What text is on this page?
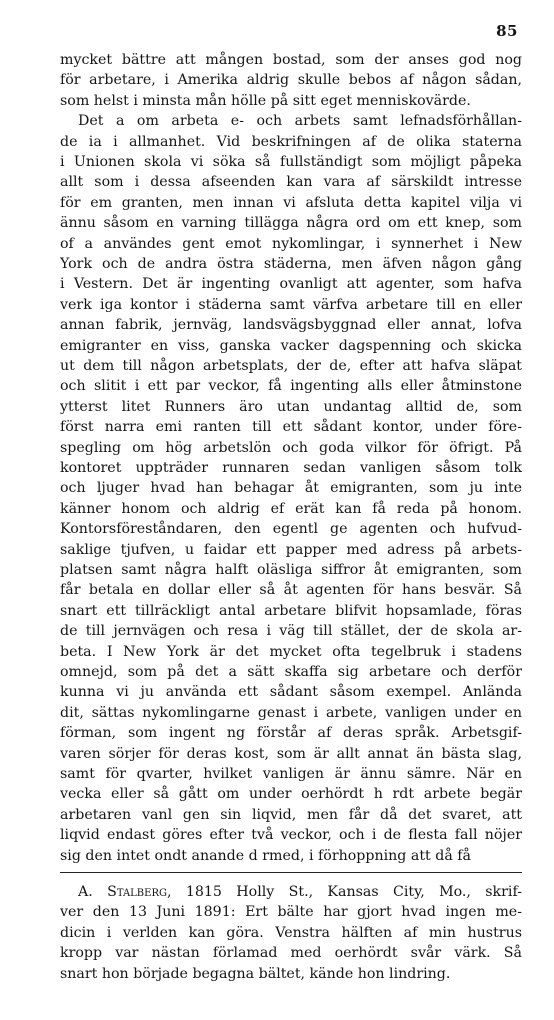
85
mycket bättre att mången bostad, som der anses god nog
för arbetare, i Amerika aldrig skulle bebos af någon sådan,
som helst i minsta mån hölle på sitt eget menniskovärde.
Det a om arbeta e- och arbets samt lefnadsförhållan-
de ia i allmanhet. Vid beskrifningen af de olika staterna
i Unionen skola vi söka så fullständigt som möjligt påpeka
allt som i dessa afseenden kan vara af särskildt intresse
för em granten, men innan vi afsluta detta kapitel vilja vi
ännu såsom en varning tillägga några ord om ett knep, som
of a användes gent emot nykomlingar, i synnerhet i New
York och de andra östra städerna, men äfven någon gång
i Vestern. Det är ingenting ovanligt att agenter, som hafva
verk iga kontor i städerna samt värfva arbetare till en eller
annan fabrik, jernväg, landsvägsbyggnad eller annat, lofva
emigranter en viss, ganska vacker dagspenning och skicka
ut dem till någon arbetsplats, der de, efter att hafva släpat
och slitit i ett par veckor, få ingenting alls eller åtminstone
ytterst litet Runners äro utan undantag alltid de, som
först narra emi ranten till ett sådant kontor, under före-
spegling om hög arbetslön och goda vilkor för öfrigt. På
kontoret uppträder runnaren sedan vanligen såsom tolk
och ljuger hvad han behagar åt emigranten, som ju inte
känner honom och aldrig ef erät kan få reda på honom.
Kontorsföreståndaren, den egentl ge agenten och hufvud-
saklige tjufven, u faidar ett papper med adress på arbets-
platsen samt några halft oläsliga siffror åt emigranten, som
får betala en dollar eller så åt agenten för hans besvär. Så
snart ett tillräckligt antal arbetare blifvit hopsamlade, föras
de till jernvägen och resa i väg till stället, der de skola ar-
beta. I New York är det mycket ofta tegelbruk i stadens
omnejd, som på det a sätt skaffa sig arbetare och derför
kunna vi ju använda ett sådant såsom exempel. Anlända
dit, sättas nykomlingarne genast i arbete, vanligen under en
förman, som ingent ng förstår af deras språk. Arbetsgif-
varen sörjer för deras kost, som är allt annat än bästa slag,
samt för qvarter, hvilket vanligen är ännu sämre. När en
vecka eller så gått om under oerhördt h rdt arbete begär
arbetaren vanl gen sin liqvid, men får då det svaret, att
liqvid endast göres efter två veckor, och i de flesta fall nöjer
sig den intet ondt anande d rmed, i förhoppning att då få
A. Stalberg, 1815 Holly St., Kansas City, Mo., skrif-
ver den 13 Juni 1891: Ert bälte har gjort hvad ingen me-
dicin i verlden kan göra. Venstra hälften af min hustrus
kropp var nästan förlamad med oerhördt svår värk. Så
snart hon började begagna bältet, kände hon lindring.
